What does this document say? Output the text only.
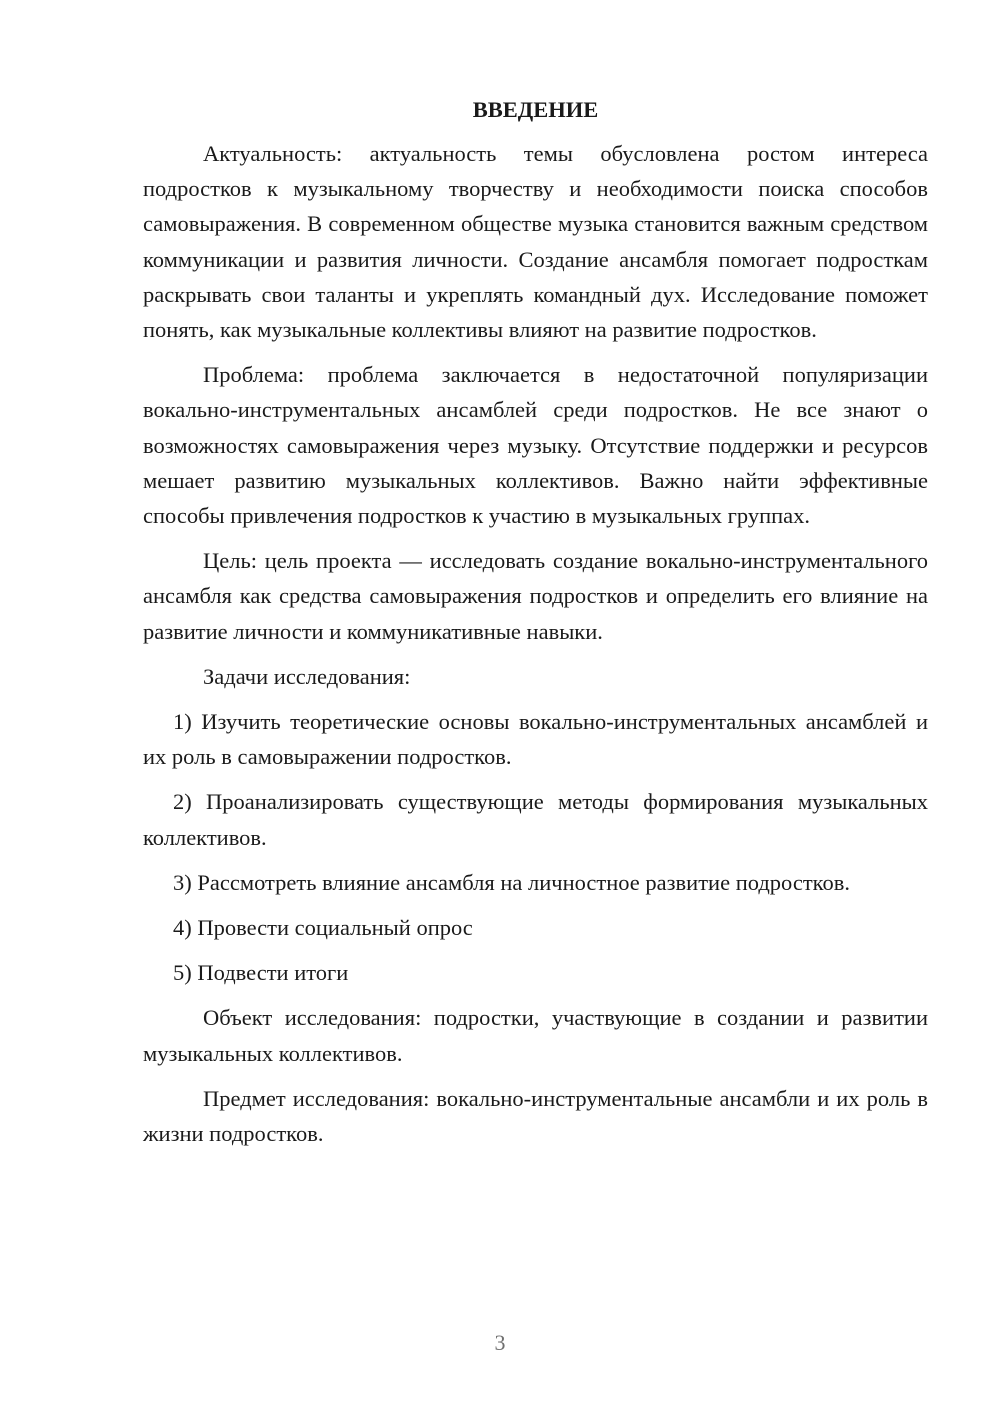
ВВЕДЕНИЕ

Актуальность: актуальность темы обусловлена ростом интереса подростков к музыкальному творчеству и необходимости поиска способов самовыражения. В современном обществе музыка становится важным средством коммуникации и развития личности. Создание ансамбля помогает подросткам раскрывать свои таланты и укреплять командный дух. Исследование поможет понять, как музыкальные коллективы влияют на развитие подростков.

Проблема: проблема заключается в недостаточной популяризации вокально-инструментальных ансамблей среди подростков. Не все знают о возможностях самовыражения через музыку. Отсутствие поддержки и ресурсов мешает развитию музыкальных коллективов. Важно найти эффективные способы привлечения подростков к участию в музыкальных группах.

Цель: цель проекта — исследовать создание вокально-инструментального ансамбля как средства самовыражения подростков и определить его влияние на развитие личности и коммуникативные навыки.

Задачи исследования:

1) Изучить теоретические основы вокально-инструментальных ансамблей и их роль в самовыражении подростков.

2) Проанализировать существующие методы формирования музыкальных коллективов.

3) Рассмотреть влияние ансамбля на личностное развитие подростков.

4) Провести социальный опрос

5) Подвести итоги

Объект исследования: подростки, участвующие в создании и развитии музыкальных коллективов.

Предмет исследования: вокально-инструментальные ансамбли и их роль в жизни подростков.

3
